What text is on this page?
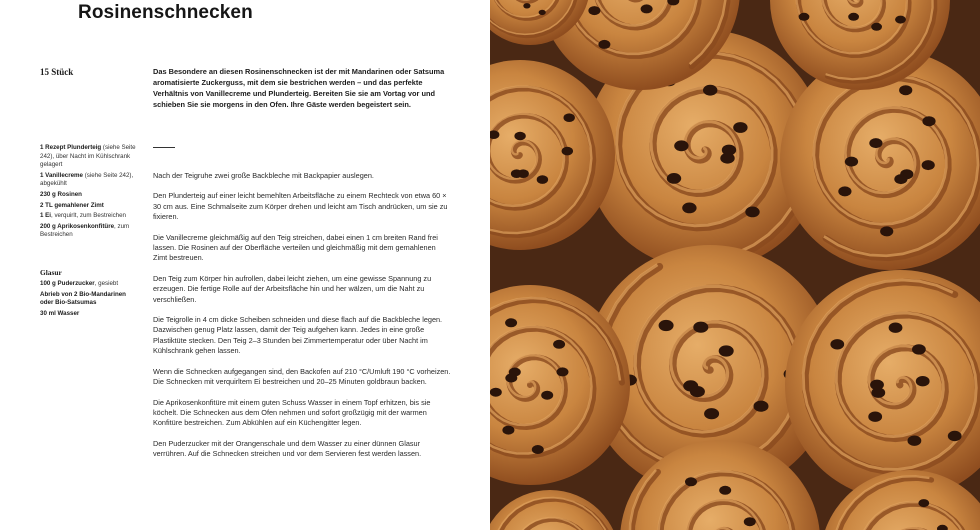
Rosinenschnecken
15 Stück
1 Rezept Plunderteig (siehe Seite 242), über Nacht im Kühlschrank gelagert
1 Vanillecreme (siehe Seite 242), abgekühlt
230 g Rosinen
2 TL gemahlener Zimt
1 Ei, verquirlt, zum Bestreichen
200 g Aprikosenkonfitüre, zum Bestreichen
Glasur
100 g Puderzucker, gesiebt
Abrieb von 2 Bio-Mandarinen oder Bio-Satsumas
30 ml Wasser

Das Besondere an diesen Rosinenschnecken ist der mit Mandarinen oder Satsuma aromatisierte Zuckerguss, mit dem sie bestrichen werden – und das perfekte Verhältnis von Vanillecreme und Plunderteig. Bereiten Sie sie am Vortag vor und schieben Sie sie morgens in den Ofen. Ihre Gäste werden begeistert sein.

Nach der Teigruhe zwei große Backbleche mit Backpapier auslegen.

Den Plunderteig auf einer leicht bemehlten Arbeitsfläche zu einem Rechteck von etwa 60 × 30 cm aus. Eine Schmalseite zum Körper drehen und leicht am Tisch andrücken, um sie zu fixieren.

Die Vanillecreme gleichmäßig auf den Teig streichen, dabei einen 1 cm breiten Rand frei lassen. Die Rosinen auf der Oberfläche verteilen und gleichmäßig mit dem gemahlenen Zimt bestreuen.

Den Teig zum Körper hin aufrollen, dabei leicht ziehen, um eine gewisse Spannung zu erzeugen. Die fertige Rolle auf der Arbeitsfläche hin und her wälzen, um die Naht zu verschließen.

Die Teigrolle in 4 cm dicke Scheiben schneiden und diese flach auf die Backbleche legen. Dazwischen genug Platz lassen, damit der Teig aufgehen kann. Jedes in eine große Plastiktüte stecken. Den Teig 2–3 Stunden bei Zimmertemperatur oder über Nacht im Kühlschrank gehen lassen.

Wenn die Schnecken aufgegangen sind, den Backofen auf 210 °C/Umluft 190 °C vorheizen. Die Schnecken mit verquirltem Ei bestreichen und 20–25 Minuten goldbraun backen.

Die Aprikosenkonfitüre mit einem guten Schuss Wasser in einem Topf erhitzen, bis sie köchelt. Die Schnecken aus dem Ofen nehmen und sofort großzügig mit der warmen Konfitüre bestreichen. Zum Abkühlen auf ein Küchengitter legen.

Den Puderzucker mit der Orangenschale und dem Wasser zu einer dünnen Glasur verrühren. Auf die Schnecken streichen und vor dem Servieren fest werden lassen.
